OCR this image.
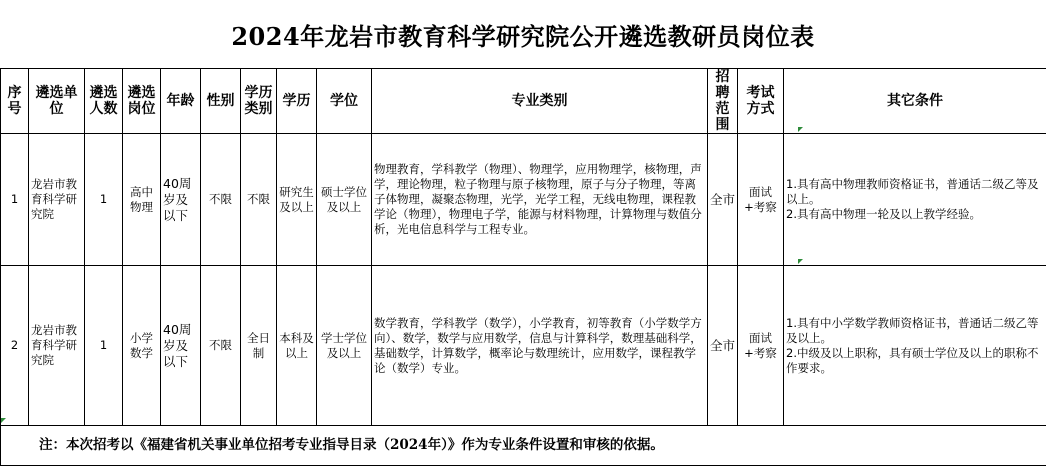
2024年龙岩市教育科学研究院公开遴选教研员岗位表
序号	遴选单位	遴选人数	遴选岗位	年龄	性别	学历类别	学历	学位	专业类别	招聘范围	考试方式	其它条件
1	龙岩市教育科学研究院	1	高中物理	40周岁及以下	不限	不限	研究生及以上	硕士学位及以上	物理教育，学科教学（物理）、物理学，应用物理学，核物理，声学，理论物理，粒子物理与原子核物理，原子与分子物理，等离子体物理，凝聚态物理，光学，光学工程，无线电物理，课程教学论（物理），物理电子学，能源与材料物理，计算物理与数值分析，光电信息科学与工程专业。	全市	面试+考察	1.具有高中物理教师资格证书，普通话二级乙等及以上。
2.具有高中物理一轮及以上教学经验。
2	龙岩市教育科学研究院	1	小学数学	40周岁及以下	不限	全日制	本科及以上	学士学位及以上	数学教育，学科教学（数学），小学教育，初等教育（小学数学方向）、数学，数学与应用数学，信息与计算科学，数理基础科学，基础数学，计算数学，概率论与数理统计，应用数学，课程教学论（数学）专业。	全市	面试+考察	1.具有中小学数学教师资格证书，普通话二级乙等及以上。
2.中级及以上职称，具有硕士学位及以上的职称不作要求。
注：本次招考以《福建省机关事业单位招考专业指导目录（2024年）》作为专业条件设置和审核的依据。												
